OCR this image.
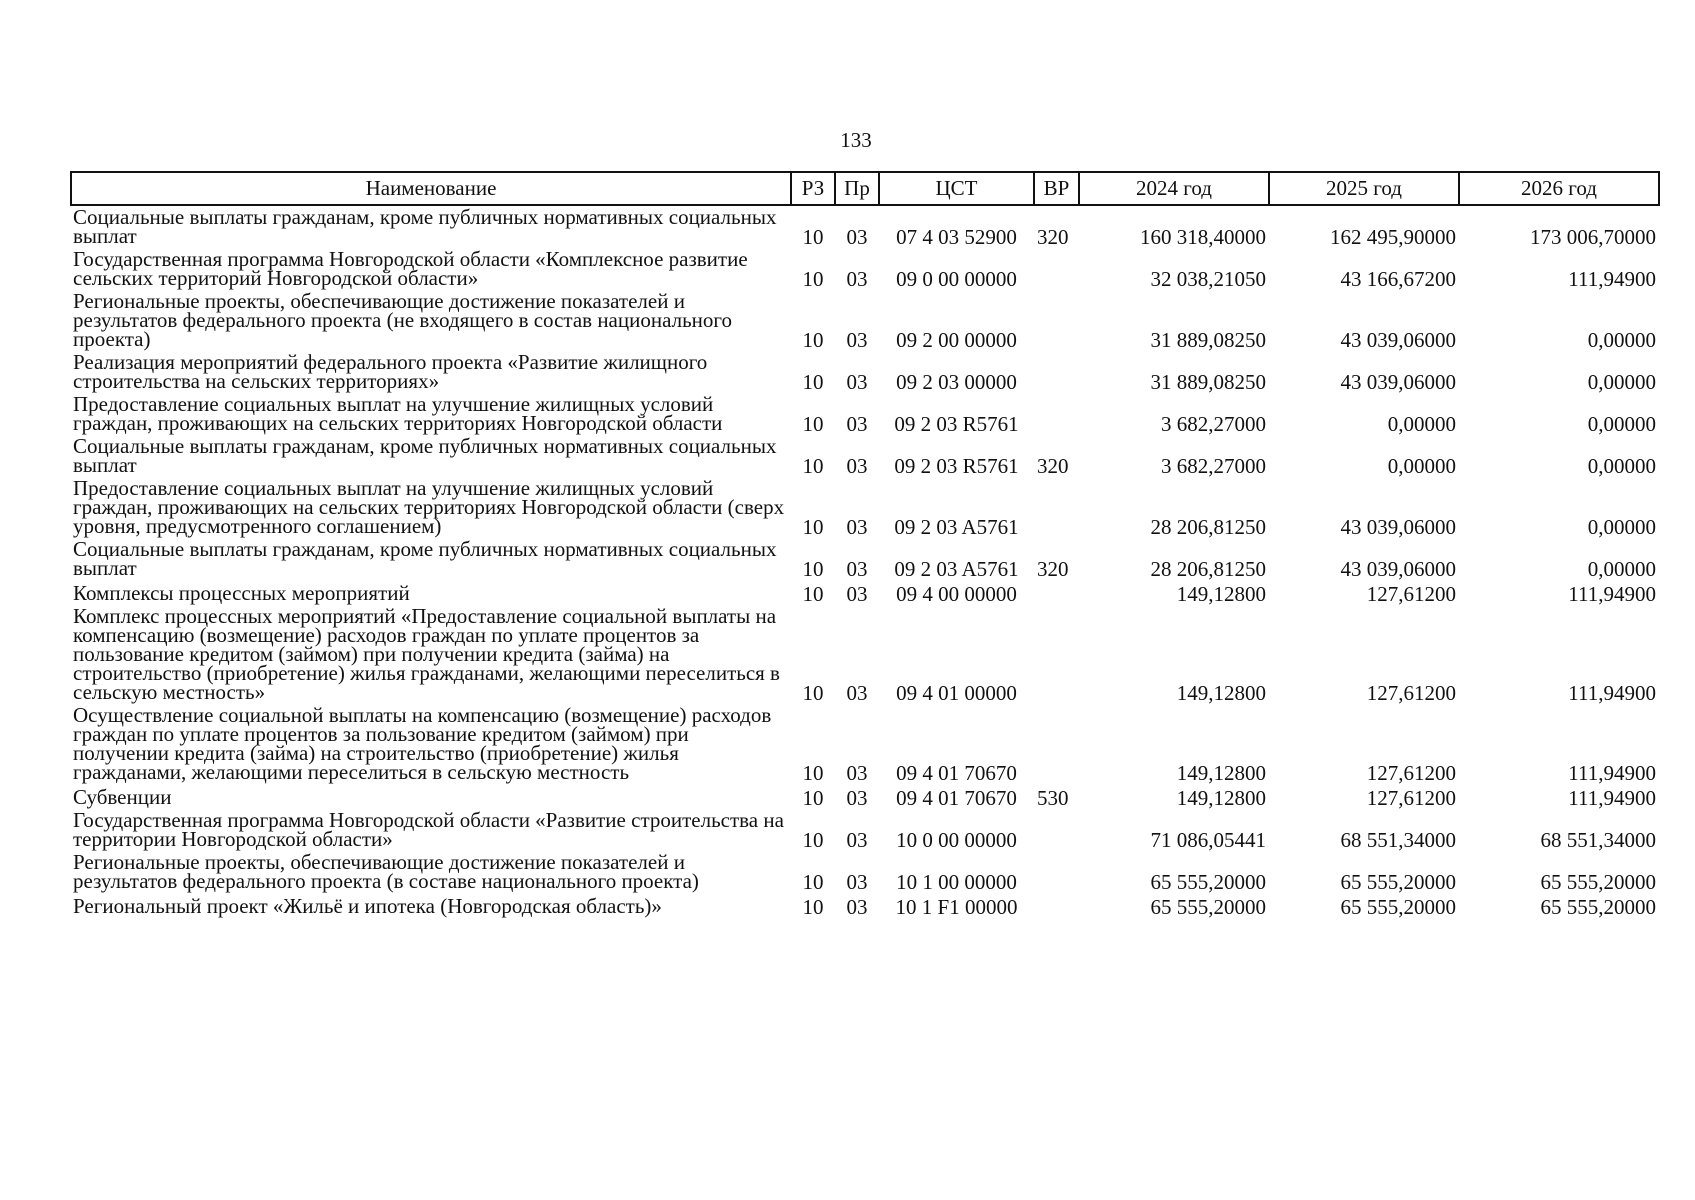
133
Наименование	РЗ	Пр	ЦСТ	ВР	2024 год	2025 год	2026 год
Социальные выплаты гражданам, кроме публичных нормативных социальных выплат	10	03	07 4 03 52900	320	160 318,40000	162 495,90000	173 006,70000
Государственная программа Новгородской области «Комплексное развитие сельских территорий Новгородской области»	10	03	09 0 00 00000		32 038,21050	43 166,67200	111,94900
Региональные проекты, обеспечивающие достижение показателей и результатов федерального проекта (не входящего в состав национального проекта)	10	03	09 2 00 00000		31 889,08250	43 039,06000	0,00000
Реализация мероприятий федерального проекта «Развитие жилищного строительства на сельских территориях»	10	03	09 2 03 00000		31 889,08250	43 039,06000	0,00000
Предоставление социальных выплат на улучшение жилищных условий граждан, проживающих на сельских территориях Новгородской области	10	03	09 2 03 R5761		3 682,27000	0,00000	0,00000
Социальные выплаты гражданам, кроме публичных нормативных социальных выплат	10	03	09 2 03 R5761	320	3 682,27000	0,00000	0,00000
Предоставление социальных выплат на улучшение жилищных условий граждан, проживающих на сельских территориях Новгородской области (сверх уровня, предусмотренного соглашением)	10	03	09 2 03 A5761		28 206,81250	43 039,06000	0,00000
Социальные выплаты гражданам, кроме публичных нормативных социальных выплат	10	03	09 2 03 A5761	320	28 206,81250	43 039,06000	0,00000
Комплексы процессных мероприятий	10	03	09 4 00 00000		149,12800	127,61200	111,94900
Комплекс процессных мероприятий «Предоставление социальной выплаты на компенсацию (возмещение) расходов граждан по уплате процентов за пользование кредитом (займом) при получении кредита (займа) на строительство (приобретение) жилья гражданами, желающими переселиться в сельскую местность»	10	03	09 4 01 00000		149,12800	127,61200	111,94900
Осуществление социальной выплаты на компенсацию (возмещение) расходов граждан по уплате процентов за пользование кредитом (займом) при получении кредита (займа) на строительство (приобретение) жилья гражданами, желающими переселиться в сельскую местность	10	03	09 4 01 70670		149,12800	127,61200	111,94900
Субвенции	10	03	09 4 01 70670	530	149,12800	127,61200	111,94900
Государственная программа Новгородской области «Развитие строительства на территории Новгородской области»	10	03	10 0 00 00000		71 086,05441	68 551,34000	68 551,34000
Региональные проекты, обеспечивающие достижение показателей и результатов федерального проекта (в составе национального проекта)	10	03	10 1 00 00000		65 555,20000	65 555,20000	65 555,20000
Региональный проект «Жильё и ипотека (Новгородская область)»	10	03	10 1 F1 00000		65 555,20000	65 555,20000	65 555,20000
